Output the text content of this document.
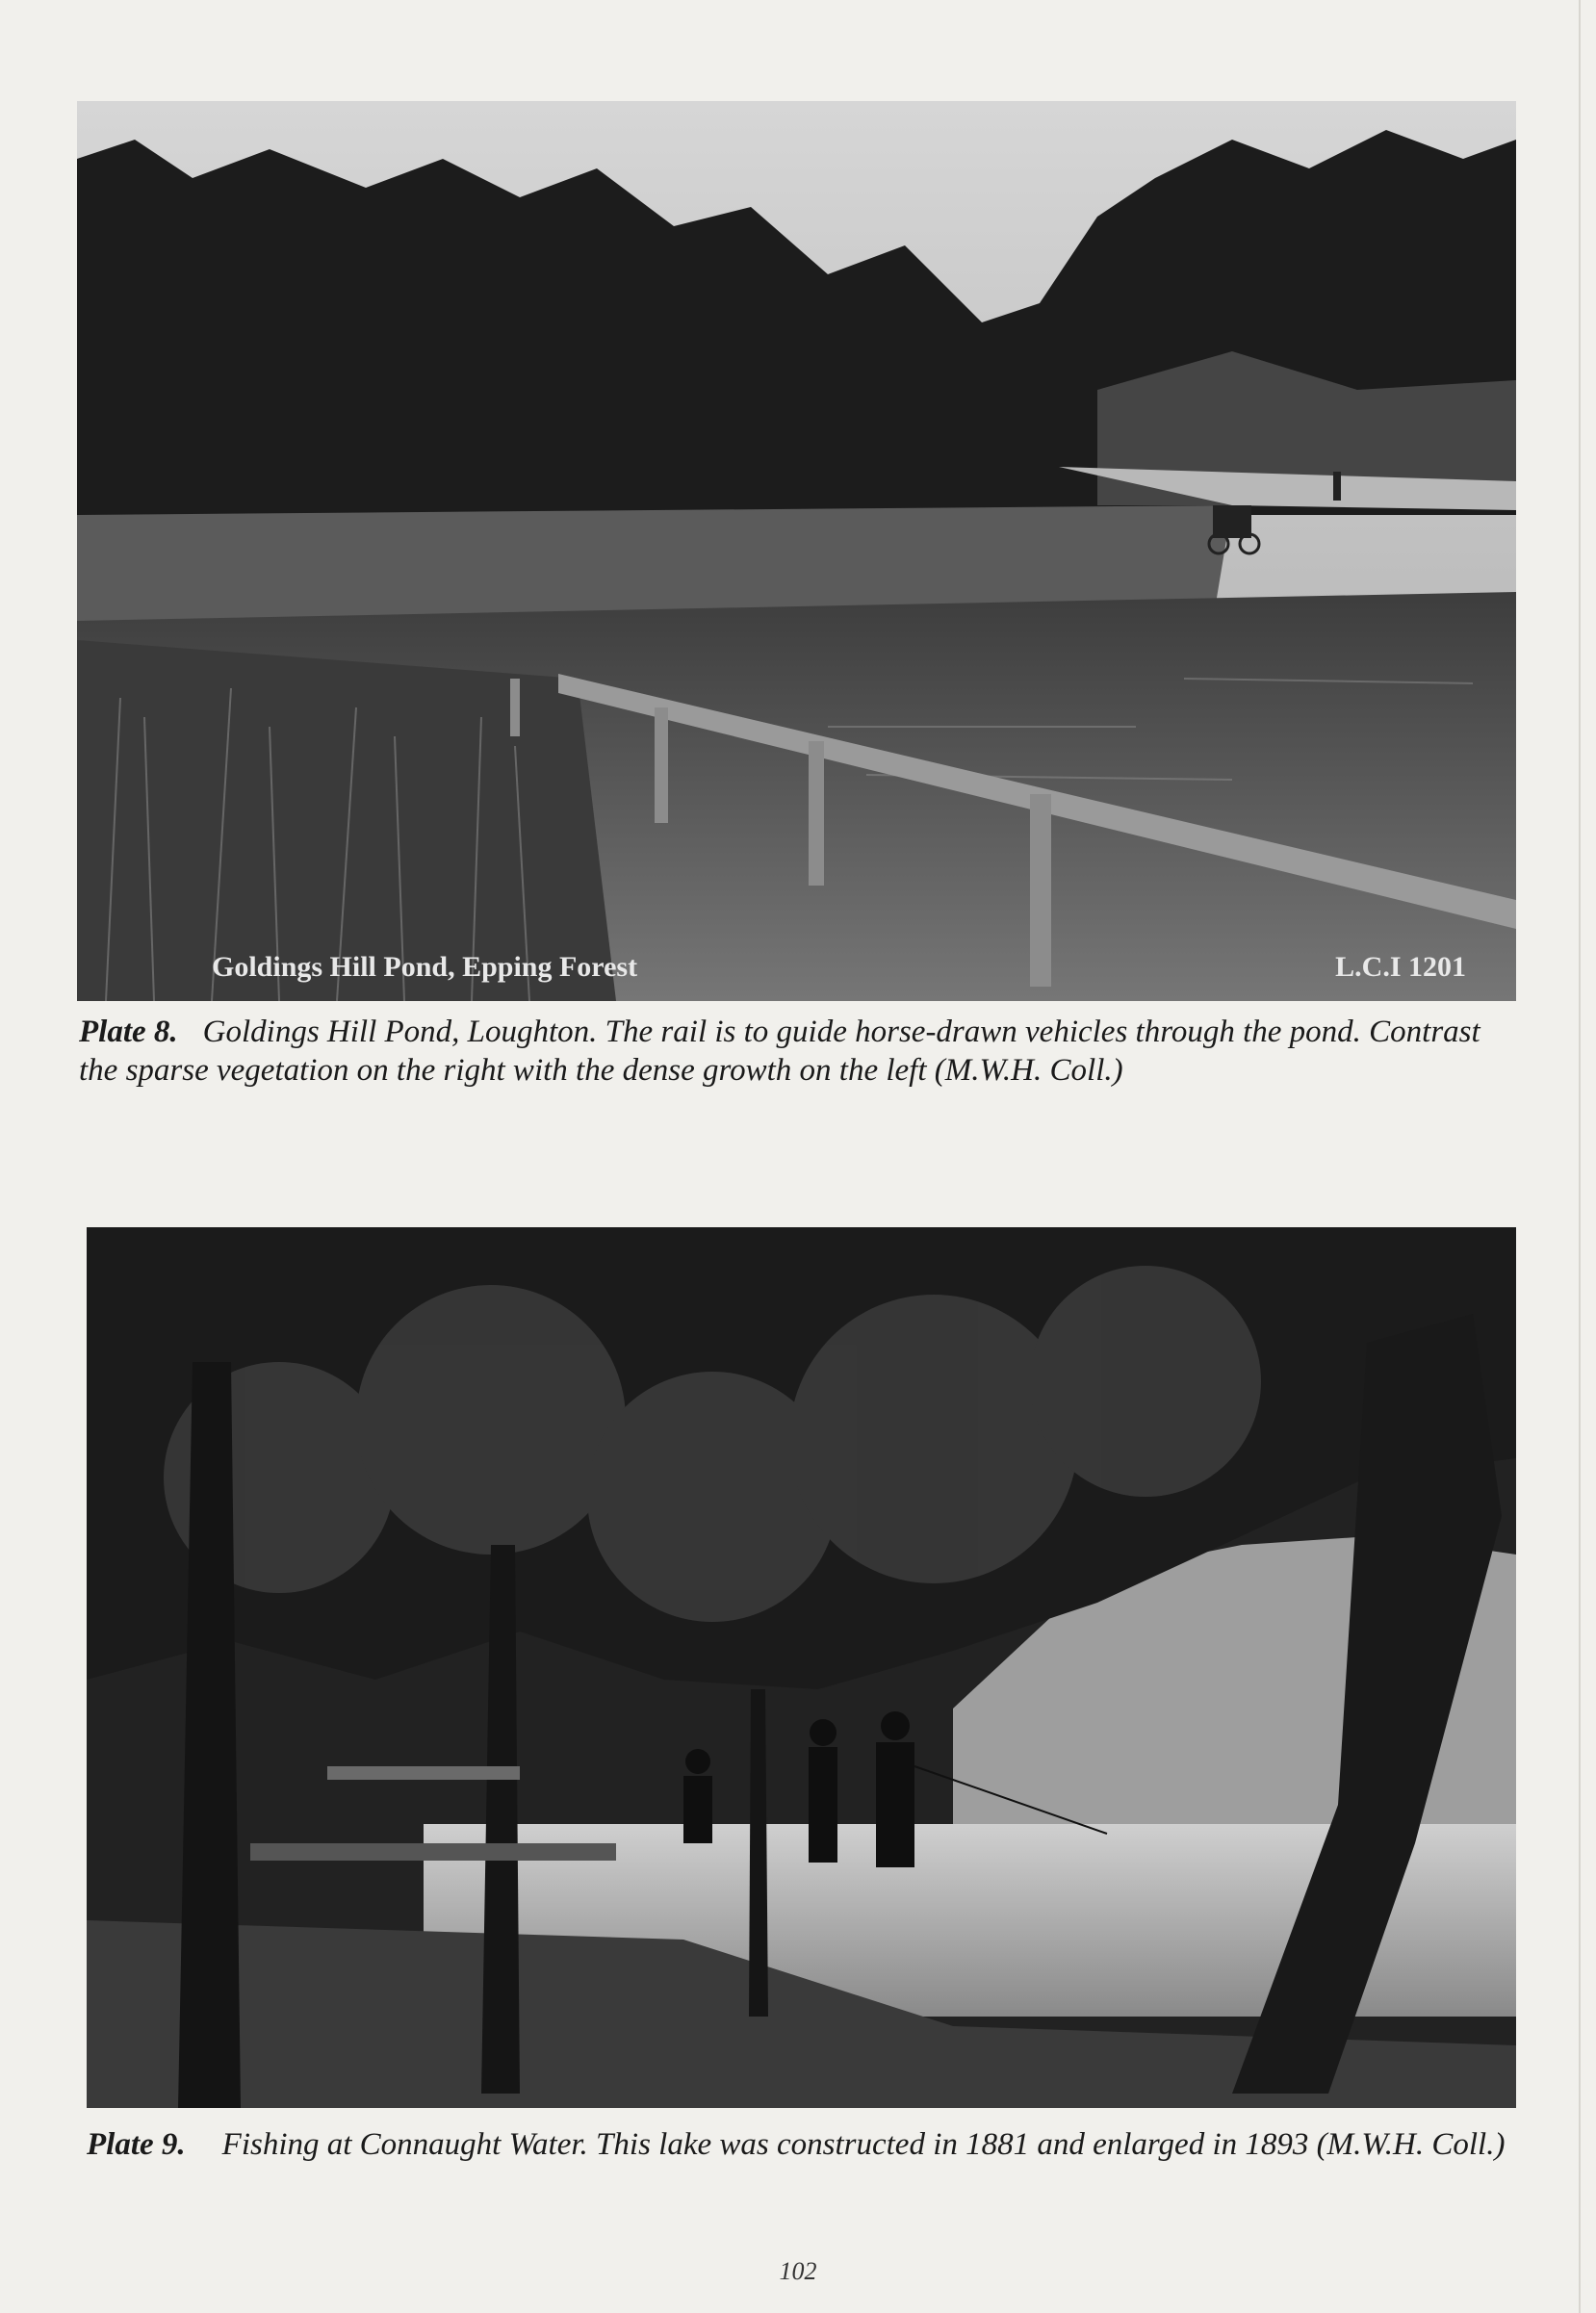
Goldings Hill Pond, Epping Forest	L.C.I 1201
Plate 8. Goldings Hill Pond, Loughton. The rail is to guide horse-drawn vehicles through the pond. Contrast the sparse vegetation on the right with the dense growth on the left (M.W.H. Coll.)
Plate 9. Fishing at Connaught Water. This lake was constructed in 1881 and enlarged in 1893 (M.W.H. Coll.)
102
